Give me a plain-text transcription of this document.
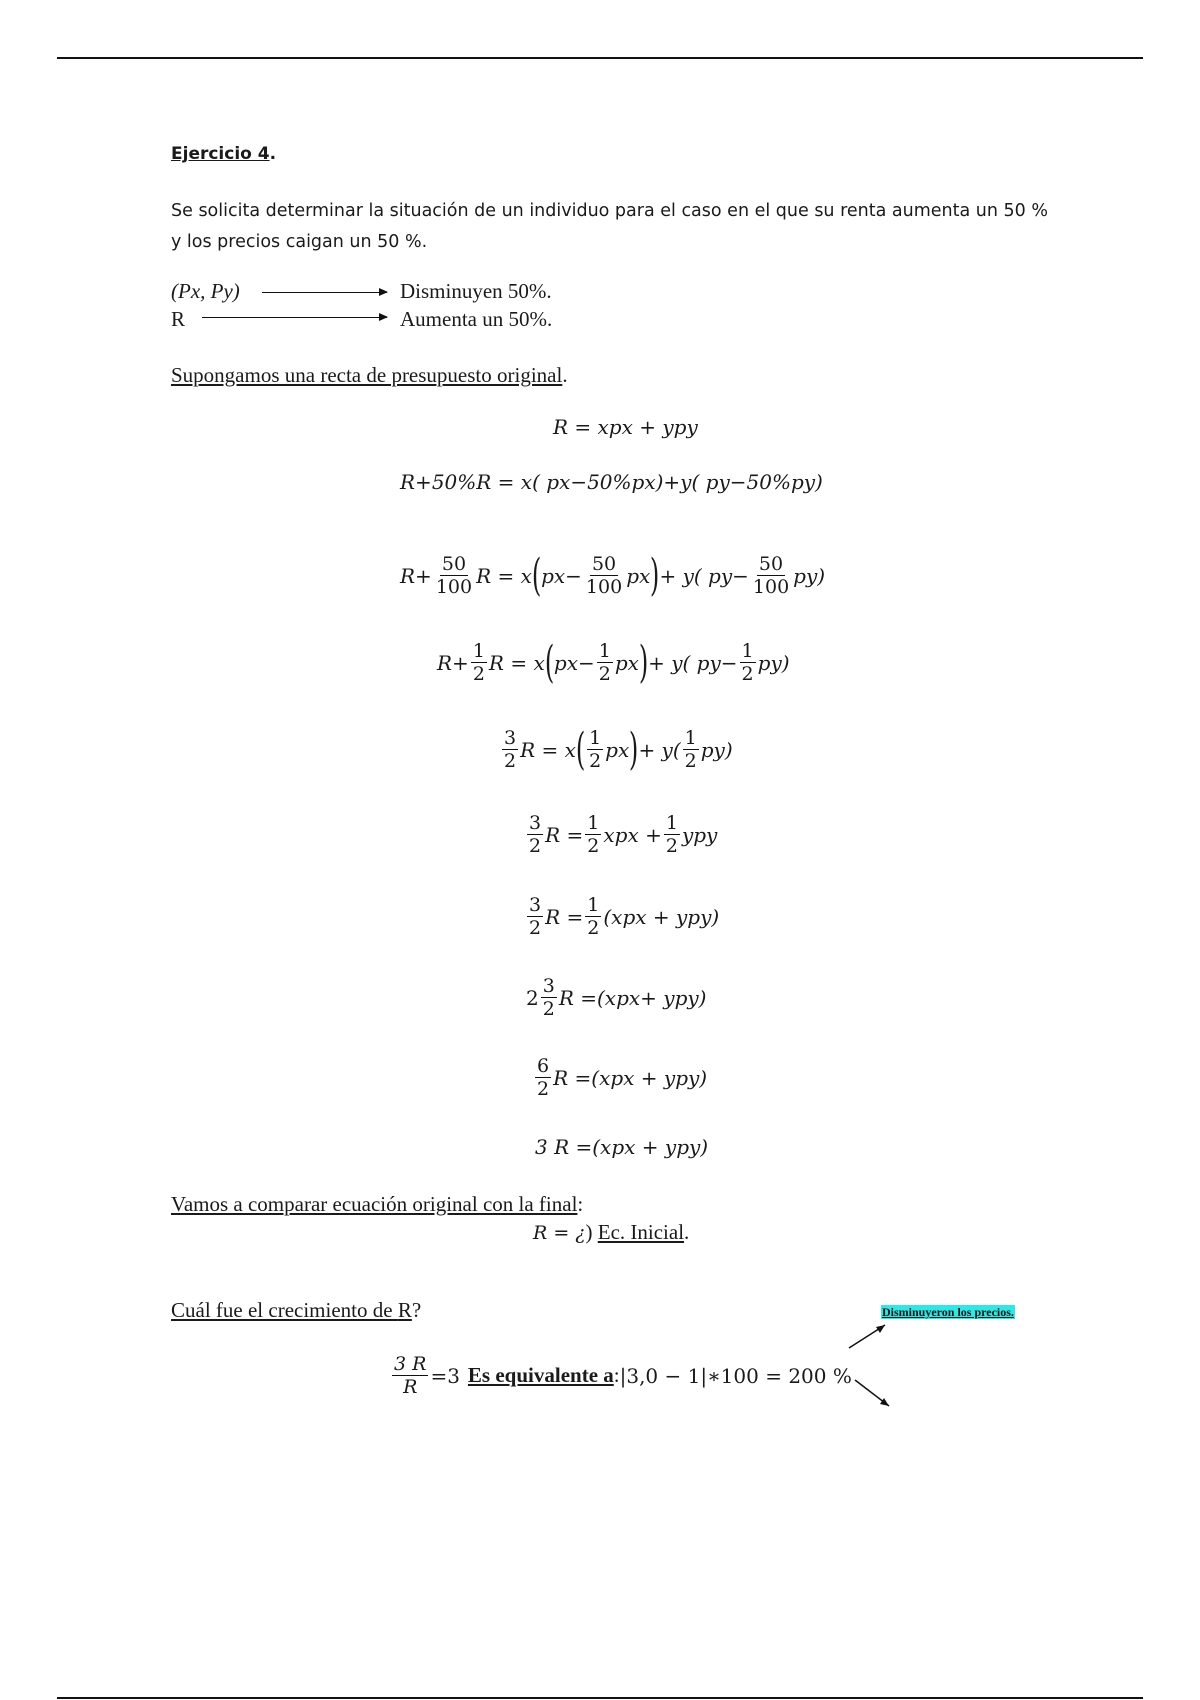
Ejercicio 4.
Se solicita determinar la situación de un individuo para el caso en el que su renta aumenta un 50 %
y los precios caigan un 50 %.
(Px, Py)	Disminuyen 50%.
R	Aumenta un 50%.
Supongamos una recta de presupuesto original.
R = xpx + ypy
R+50%R = x( px−50%px)+y( py−50%py)
$R+ \frac{50}{100}$ R = x ( $px- \frac{50}{100}$ px ) + y( $py- \frac{50}{100} py$)
$R+ \frac{1}{2}$ R = x ( $px- \frac{1}{2}$ px ) + y( $py- \frac{1}{2} py$)
$\frac{3}{2}$ R = x ( $\frac{1}{2}$ px ) + $y( \frac{1}{2} py)$
$\frac{3}{2}$ $R = \frac{1}{2}$ xpx + $\frac{1}{2}$ ypy
$\frac{3}{2}$ $R = \frac{1}{2} (xpx + ypy)$
$2 \frac{3}{2}$ R =(xpx+ ypy)
$\frac{6}{2}$ R =(xpx + ypy)
3 R =(xpx + ypy)
Vamos a comparar ecuación original con la final:
R = ¿) Ec. Inicial.
Cuál fue el crecimiento de R?	Disminuyeron los precios.
$\frac{3 R}{R} =3$ Es equivalente a : |3,0 − 1|∗100 = 200 %
